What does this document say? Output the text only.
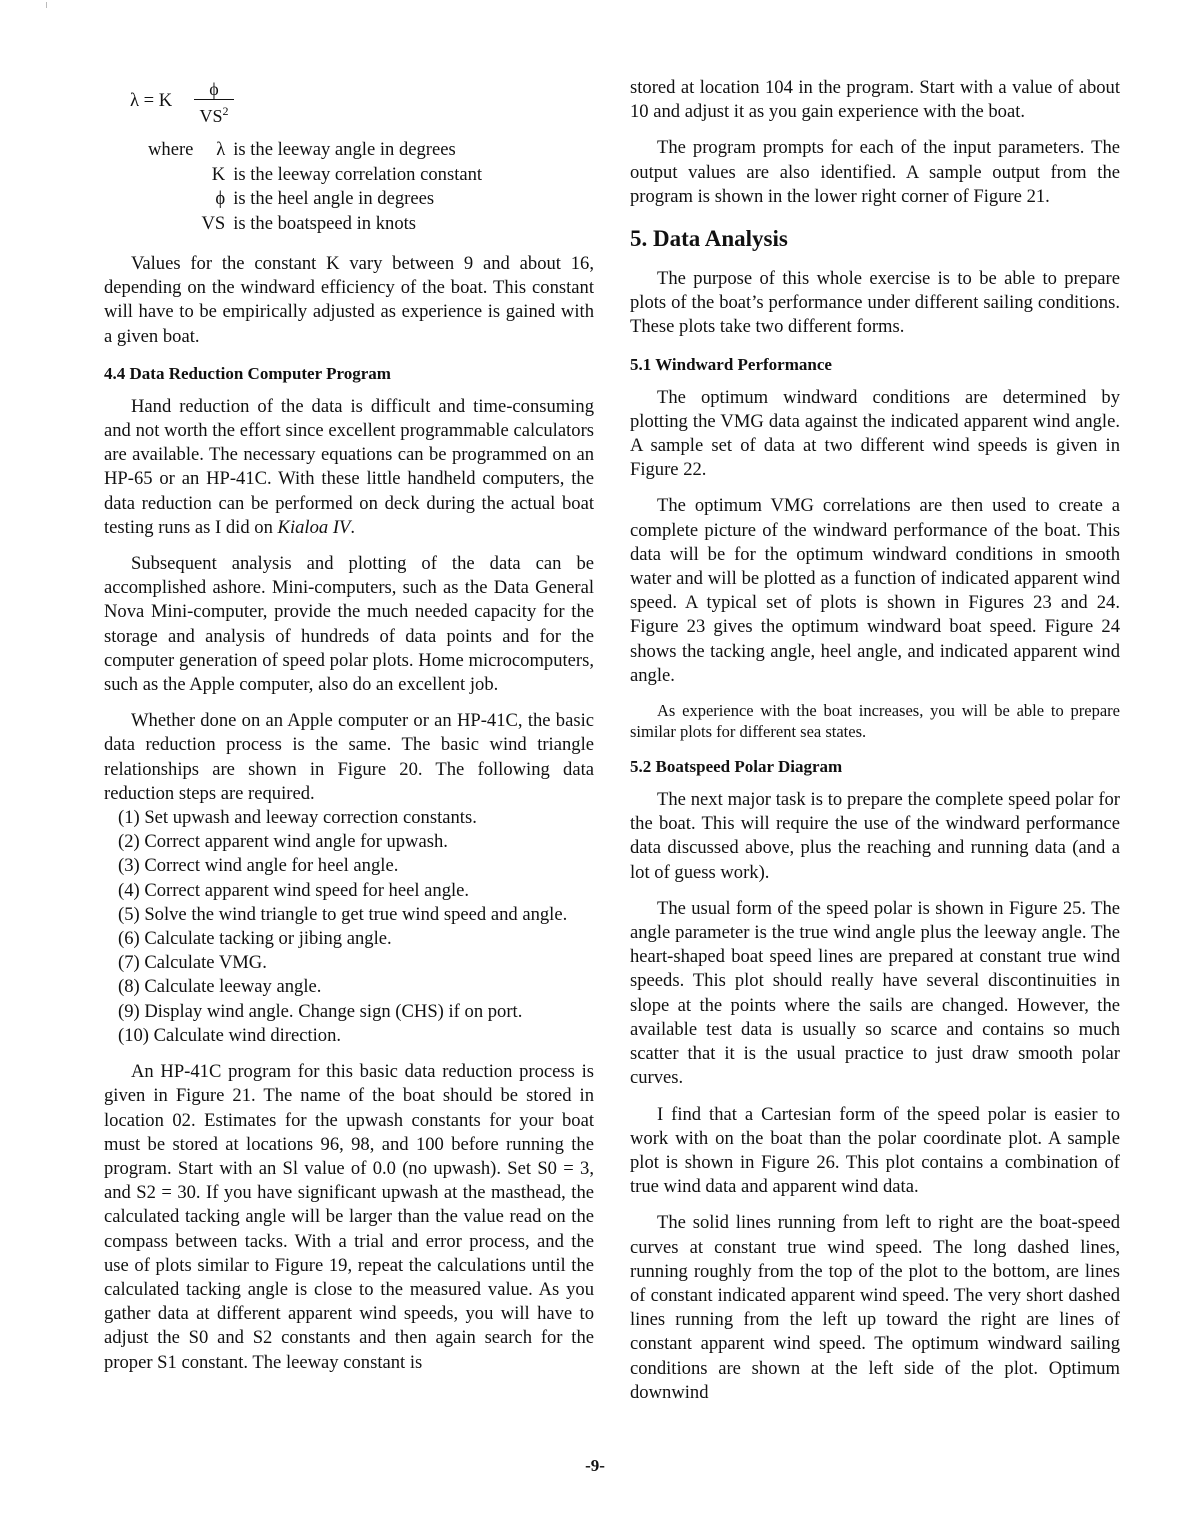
λ = K
ϕ
$VS^2$
where	λ	is the leeway angle in degrees
	K	is the leeway correlation constant
	ϕ	is the heel angle in degrees
	VS	is the boatspeed in knots

Values for the constant K vary between 9 and about 16, depending on the windward efficiency of the boat. This constant will have to be empirically adjusted as experience is gained with a given boat.

4.4 Data Reduction Computer Program

Hand reduction of the data is difficult and time-consuming and not worth the effort since excellent programmable calculators are available. The necessary equations can be programmed on an HP-65 or an HP-41C. With these little handheld computers, the data reduction can be performed on deck during the actual boat testing runs as I did on Kialoa IV.

Subsequent analysis and plotting of the data can be accomplished ashore. Mini-computers, such as the Data General Nova Mini-computer, provide the much needed capacity for the storage and analysis of hundreds of data points and for the computer generation of speed polar plots. Home microcomputers, such as the Apple computer, also do an excellent job.

Whether done on an Apple computer or an HP-41C, the basic data reduction process is the same. The basic wind triangle relationships are shown in Figure 20. The following data reduction steps are required.

(1) Set upwash and leeway correction constants.
(2) Correct apparent wind angle for upwash.
(3) Correct wind angle for heel angle.
(4) Correct apparent wind speed for heel angle.
(5) Solve the wind triangle to get true wind speed and angle.
(6) Calculate tacking or jibing angle.
(7) Calculate VMG.
(8) Calculate leeway angle.
(9) Display wind angle. Change sign (CHS) if on port.
(10) Calculate wind direction.

An HP-41C program for this basic data reduction process is given in Figure 21. The name of the boat should be stored in location 02. Estimates for the upwash constants for your boat must be stored at locations 96, 98, and 100 before running the program. Start with an Sl value of 0.0 (no upwash). Set S0 = 3, and S2 = 30. If you have significant upwash at the masthead, the calculated tacking angle will be larger than the value read on the compass between tacks. With a trial and error process, and the use of plots similar to Figure 19, repeat the calculations until the calculated tacking angle is close to the measured value. As you gather data at different apparent wind speeds, you will have to adjust the S0 and S2 constants and then again search for the proper S1 constant. The leeway constant is

stored at location 104 in the program. Start with a value of about 10 and adjust it as you gain experience with the boat.

The program prompts for each of the input parameters. The output values are also identified. A sample output from the program is shown in the lower right corner of Figure 21.

5. Data Analysis

The purpose of this whole exercise is to be able to prepare plots of the boat’s performance under different sailing conditions. These plots take two different forms.

5.1 Windward Performance

The optimum windward conditions are determined by plotting the VMG data against the indicated apparent wind angle. A sample set of data at two different wind speeds is given in Figure 22.

The optimum VMG correlations are then used to create a complete picture of the windward performance of the boat. This data will be for the optimum windward conditions in smooth water and will be plotted as a function of indicated apparent wind speed. A typical set of plots is shown in Figures 23 and 24. Figure 23 gives the optimum windward boat speed. Figure 24 shows the tacking angle, heel angle, and indicated apparent wind angle.

As experience with the boat increases, you will be able to prepare similar plots for different sea states.

5.2 Boatspeed Polar Diagram

The next major task is to prepare the complete speed polar for the boat. This will require the use of the windward performance data discussed above, plus the reaching and running data (and a lot of guess work).

The usual form of the speed polar is shown in Figure 25. The angle parameter is the true wind angle plus the leeway angle. The heart-shaped boat speed lines are prepared at constant true wind speeds. This plot should really have several discontinuities in slope at the points where the sails are changed. However, the available test data is usually so scarce and contains so much scatter that it is the usual practice to just draw smooth polar curves.

I find that a Cartesian form of the speed polar is easier to work with on the boat than the polar coordinate plot. A sample plot is shown in Figure 26. This plot contains a combination of true wind data and apparent wind data.

The solid lines running from left to right are the boat-speed curves at constant true wind speed. The long dashed lines, running roughly from the top of the plot to the bottom, are lines of constant indicated apparent wind speed. The very short dashed lines running from the left up toward the right are lines of constant apparent wind speed. The optimum windward sailing conditions are shown at the left side of the plot. Optimum downwind

-9-
